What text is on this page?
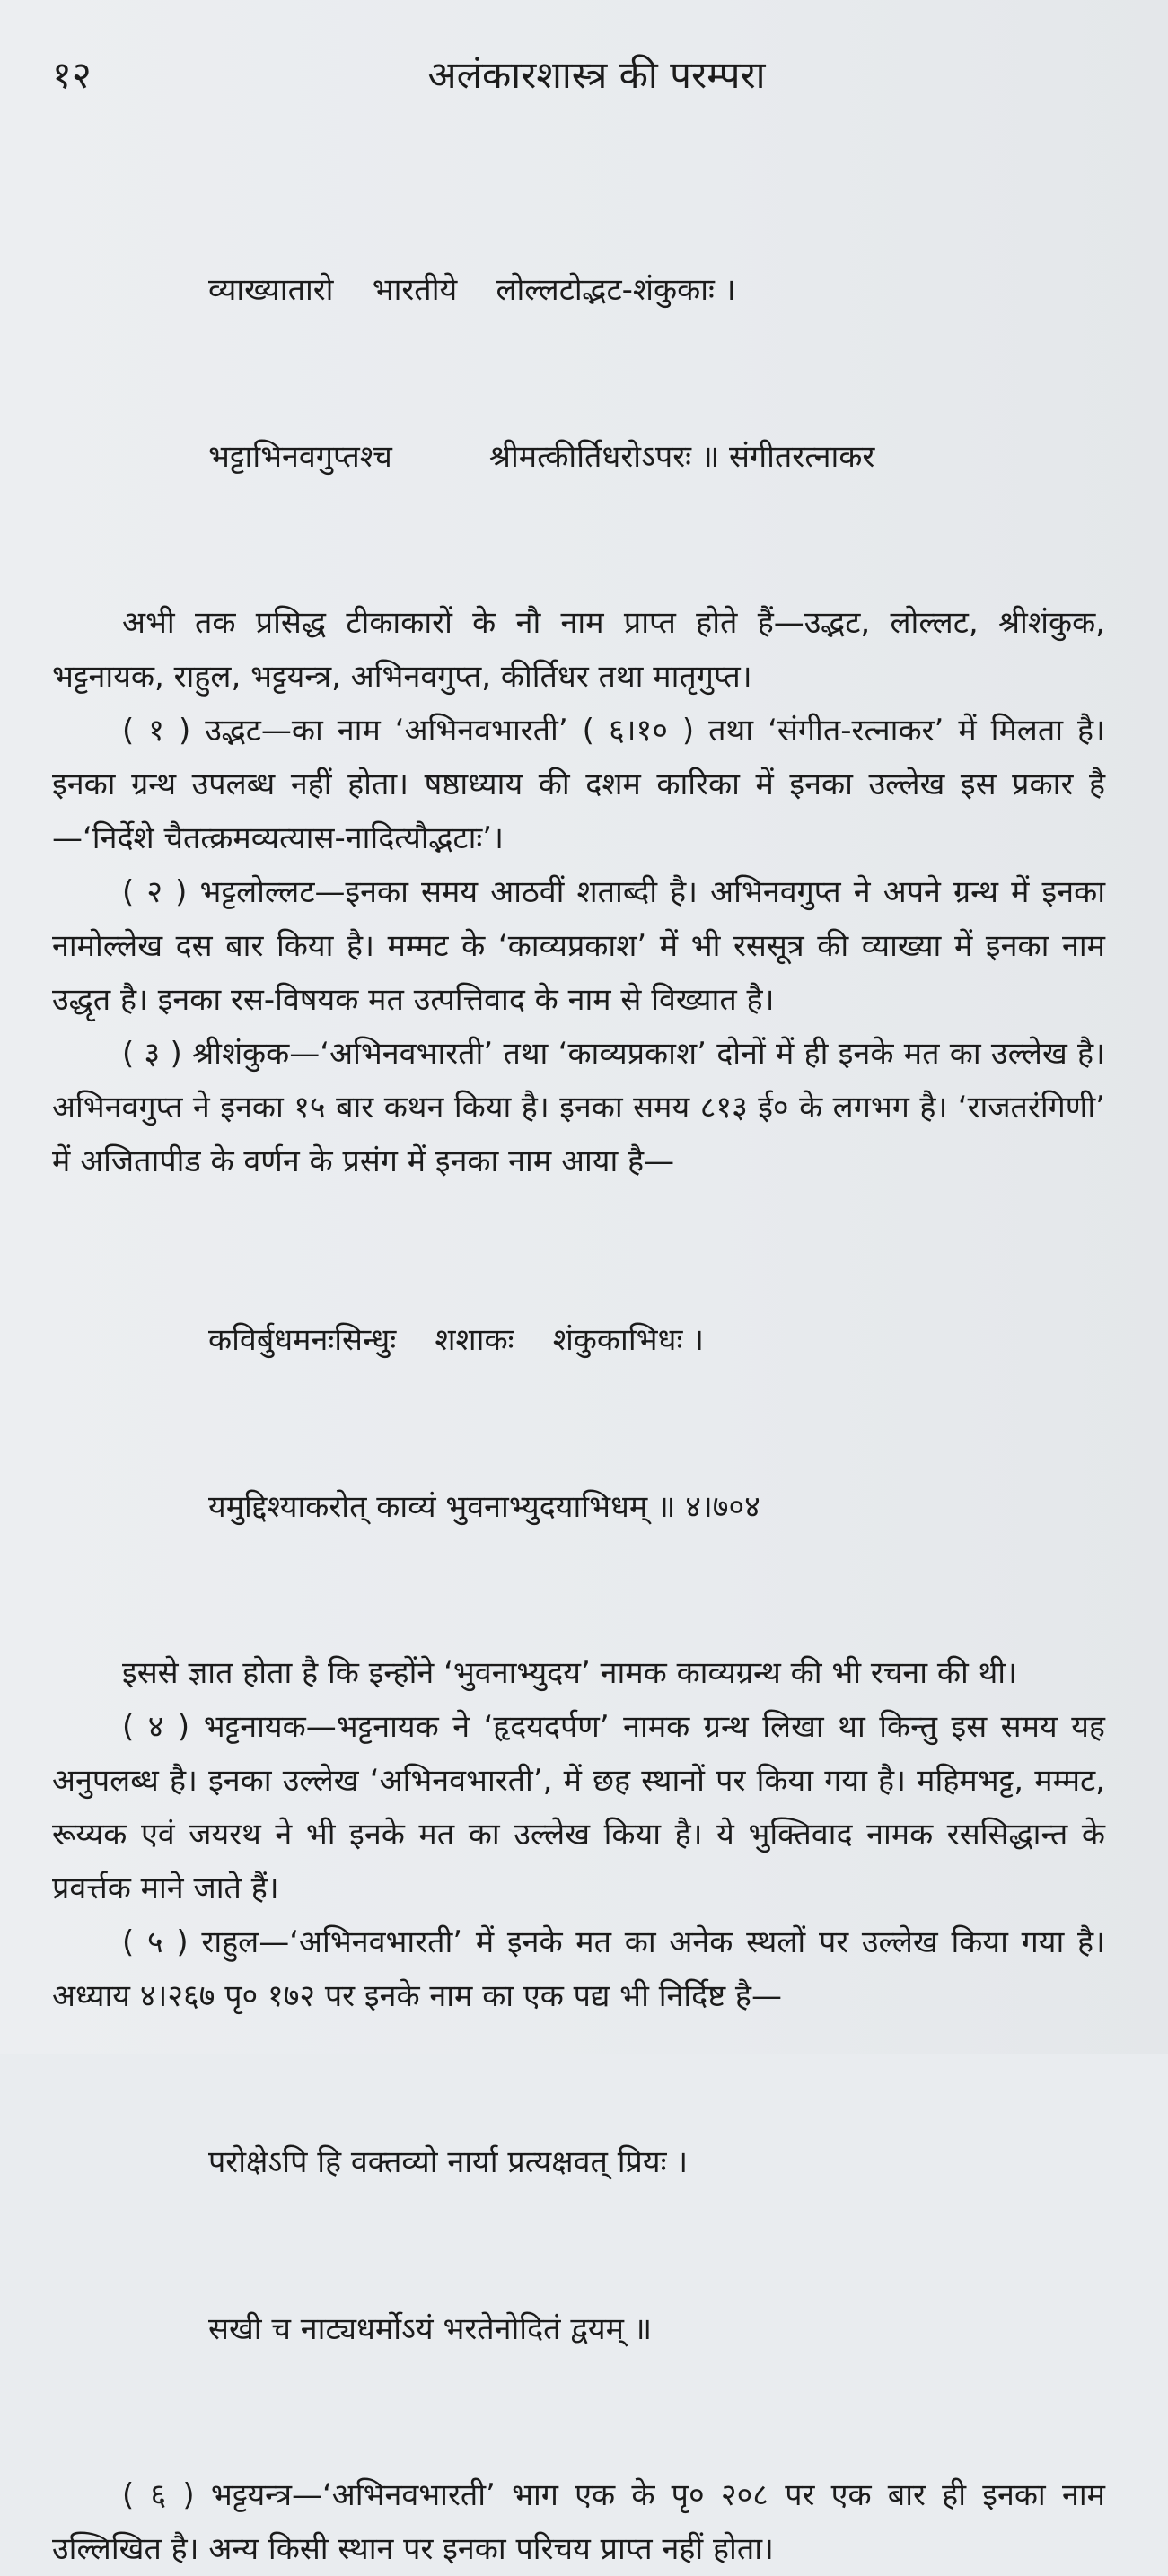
१२	अलंकारशास्त्र की परम्परा

व्याख्यातारो    भारतीये    लोल्लटोद्भट-शंकुकाः ।

भट्टाभिनवगुप्तश्च          श्रीमत्कीर्तिधरोऽपरः ॥ संगीतरत्नाकर

अभी तक प्रसिद्ध टीकाकारों के नौ नाम प्राप्त होते हैं—उद्भट, लोल्लट, श्रीशंकुक, भट्टनायक, राहुल, भट्टयन्त्र, अभिनवगुप्त, कीर्तिधर तथा मातृगुप्त।

( १ ) उद्भट—का नाम ‘अभिनवभारती’ ( ६।१० ) तथा ‘संगीत-रत्नाकर’ में मिलता है। इनका ग्रन्थ उपलब्ध नहीं होता। षष्ठाध्याय की दशम कारिका में इनका उल्लेख इस प्रकार है—‘निर्देशे चैतत्क्रमव्यत्यास-नादित्यौद्भटाः’।

( २ ) भट्टलोल्लट—इनका समय आठवीं शताब्दी है। अभिनवगुप्त ने अपने ग्रन्थ में इनका नामोल्लेख दस बार किया है। मम्मट के ‘काव्यप्रकाश’ में भी रससूत्र की व्याख्या में इनका नाम उद्धृत है। इनका रस-विषयक मत उत्पत्तिवाद के नाम से विख्यात है।

( ३ ) श्रीशंकुक—‘अभिनवभारती’ तथा ‘काव्यप्रकाश’ दोनों में ही इनके मत का उल्लेख है। अभिनवगुप्त ने इनका १५ बार कथन किया है। इनका समय ८१३ ई० के लगभग है। ‘राजतरंगिणी’ में अजितापीड के वर्णन के प्रसंग में इनका नाम आया है—

कविर्बुधमनःसिन्धुः    शशाकः    शंकुकाभिधः ।

यमुद्दिश्याकरोत् काव्यं भुवनाभ्युदयाभिधम् ॥ ४।७०४

इससे ज्ञात होता है कि इन्होंने ‘भुवनाभ्युदय’ नामक काव्यग्रन्थ की भी रचना की थी।

( ४ ) भट्टनायक—भट्टनायक ने ‘हृदयदर्पण’ नामक ग्रन्थ लिखा था किन्तु इस समय यह अनुपलब्ध है। इनका उल्लेख ‘अभिनवभारती’, में छह स्थानों पर किया गया है। महिमभट्ट, मम्मट, रूय्यक एवं जयरथ ने भी इनके मत का उल्लेख किया है। ये भुक्तिवाद नामक रससिद्धान्त के प्रवर्त्तक माने जाते हैं।

( ५ ) राहुल—‘अभिनवभारती’ में इनके मत का अनेक स्थलों पर उल्लेख किया गया है। अध्याय ४।२६७ पृ० १७२ पर इनके नाम का एक पद्य भी निर्दिष्ट है—

परोक्षेऽपि हि वक्तव्यो नार्या प्रत्यक्षवत् प्रियः ।

सखी च नाट्यधर्मोऽयं भरतेनोदितं द्वयम् ॥

( ६ ) भट्टयन्त्र—‘अभिनवभारती’ भाग एक के पृ० २०८ पर एक बार ही इनका नाम उल्लिखित है। अन्य किसी स्थान पर इनका परिचय प्राप्त नहीं होता।
